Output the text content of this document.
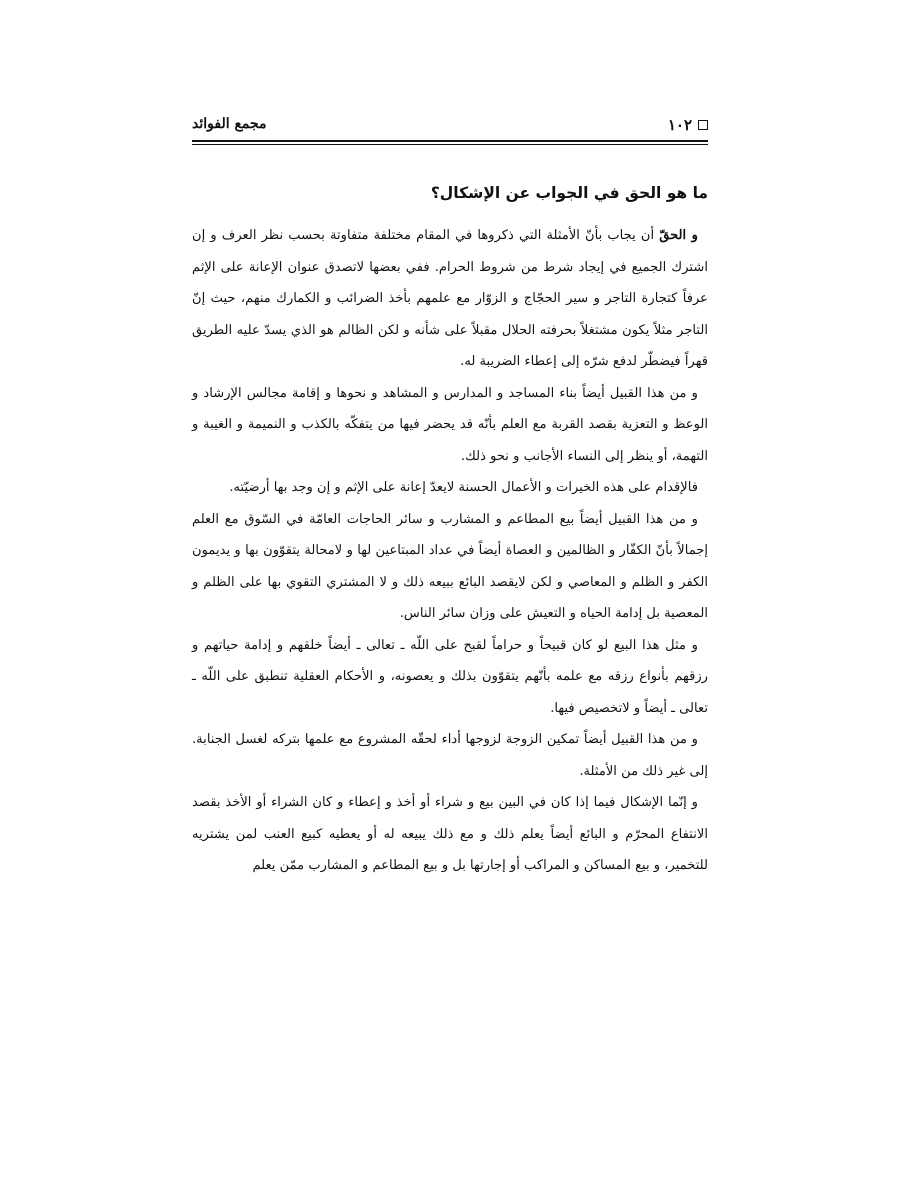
١٠٢
مجمع الفوائد
ما هو الحق في الجواب عن الإشكال؟

و الحقّ أن يجاب بأنّ الأمثلة التي ذكروها في المقام مختلفة متفاوتة بحسب نظر العرف و إن اشترك الجميع في إيجاد شرط من شروط الحرام. ففي بعضها لاتصدق عنوان الإعانة على الإثم عرفاً كتجارة التاجر و سير الحجّاج و الزوّار مع علمهم بأخذ الضرائب و الكمارك منهم، حيث إنّ التاجر مثلاً يكون مشتغلاً بحرفته الحلال مقبلاً على شأنه و لكن الظالم هو الذي يسدّ عليه الطريق قهراً فيضطّر لدفع شرّه إلى إعطاء الضريبة له.

و من هذا القبيل أيضاً بناء المساجد و المدارس و المشاهد و نحوها و إقامة مجالس الإرشاد و الوعظ و التعزية بقصد القربة مع العلم بأنّه قد يحضر فيها من يتفكّه بالكذب و النميمة و الغيبة و التهمة، أو ينظر إلى النساء الأجانب و نحو ذلك.

فالإقدام على هذه الخيرات و الأعمال الحسنة لايعدّ إعانة على الإثم و إن وجد بها أرضيّته.

و من هذا القبيل أيضاً بيع المطاعم و المشارب و سائر الحاجات العامّة في السّوق مع العلم إجمالاً بأنّ الكفّار و الظالمين و العصاة أيضاً في عداد المبتاعين لها و لامحالة يتقوّون بها و يديمون الكفر و الظلم و المعاصي و لكن لايقصد البائع ببيعه ذلك و لا المشتري التقوي بها على الظلم و المعصية بل إدامة الحياه و التعيش على وزان سائر الناس.

و مثل هذا البيع لو كان قبيحاً و حراماً لقبح على اللّه ـ تعالى ـ أيضاً خلقهم و إدامة حياتهم و رزقهم بأنواع رزقه مع علمه بأنّهم يتقوّون بذلك و يعصونه، و الأحكام العقلية تنطبق على اللّه ـ تعالى ـ أيضاً و لاتخصيص فيها.

و من هذا القبيل أيضاً تمكين الزوجة لزوجها أداء لحقّه المشروع مع علمها بتركه لغسل الجنابة. إلى غير ذلك من الأمثلة.

و إنّما الإشكال فيما إذا كان في البين بيع و شراء أو أخذ و إعطاء و كان الشراء أو الأخذ بقصد الانتفاع المحرّم و البائع أيضاً يعلم ذلك و مع ذلك يبيعه له أو يعطيه كبيع العنب لمن يشتريه للتخمير، و بيع المساكن و المراكب أو إجارتها بل و بيع المطاعم و المشارب ممّن يعلم
